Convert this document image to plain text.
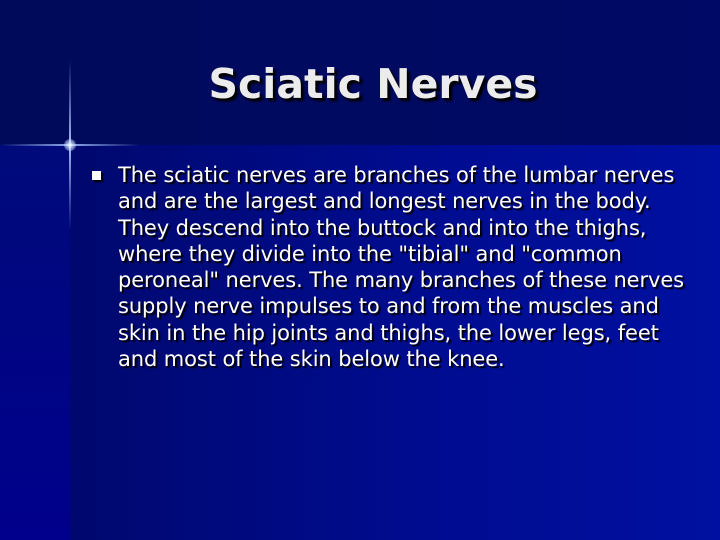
Sciatic Nerves

The sciatic nerves are branches of the lumbar nerves and are the largest and longest nerves in the body. They descend into the buttock and into the thighs, where they divide into the "tibial" and "common peroneal" nerves. The many branches of these nerves supply nerve impulses to and from the muscles and skin in the hip joints and thighs, the lower legs, feet and most of the skin below the knee.
